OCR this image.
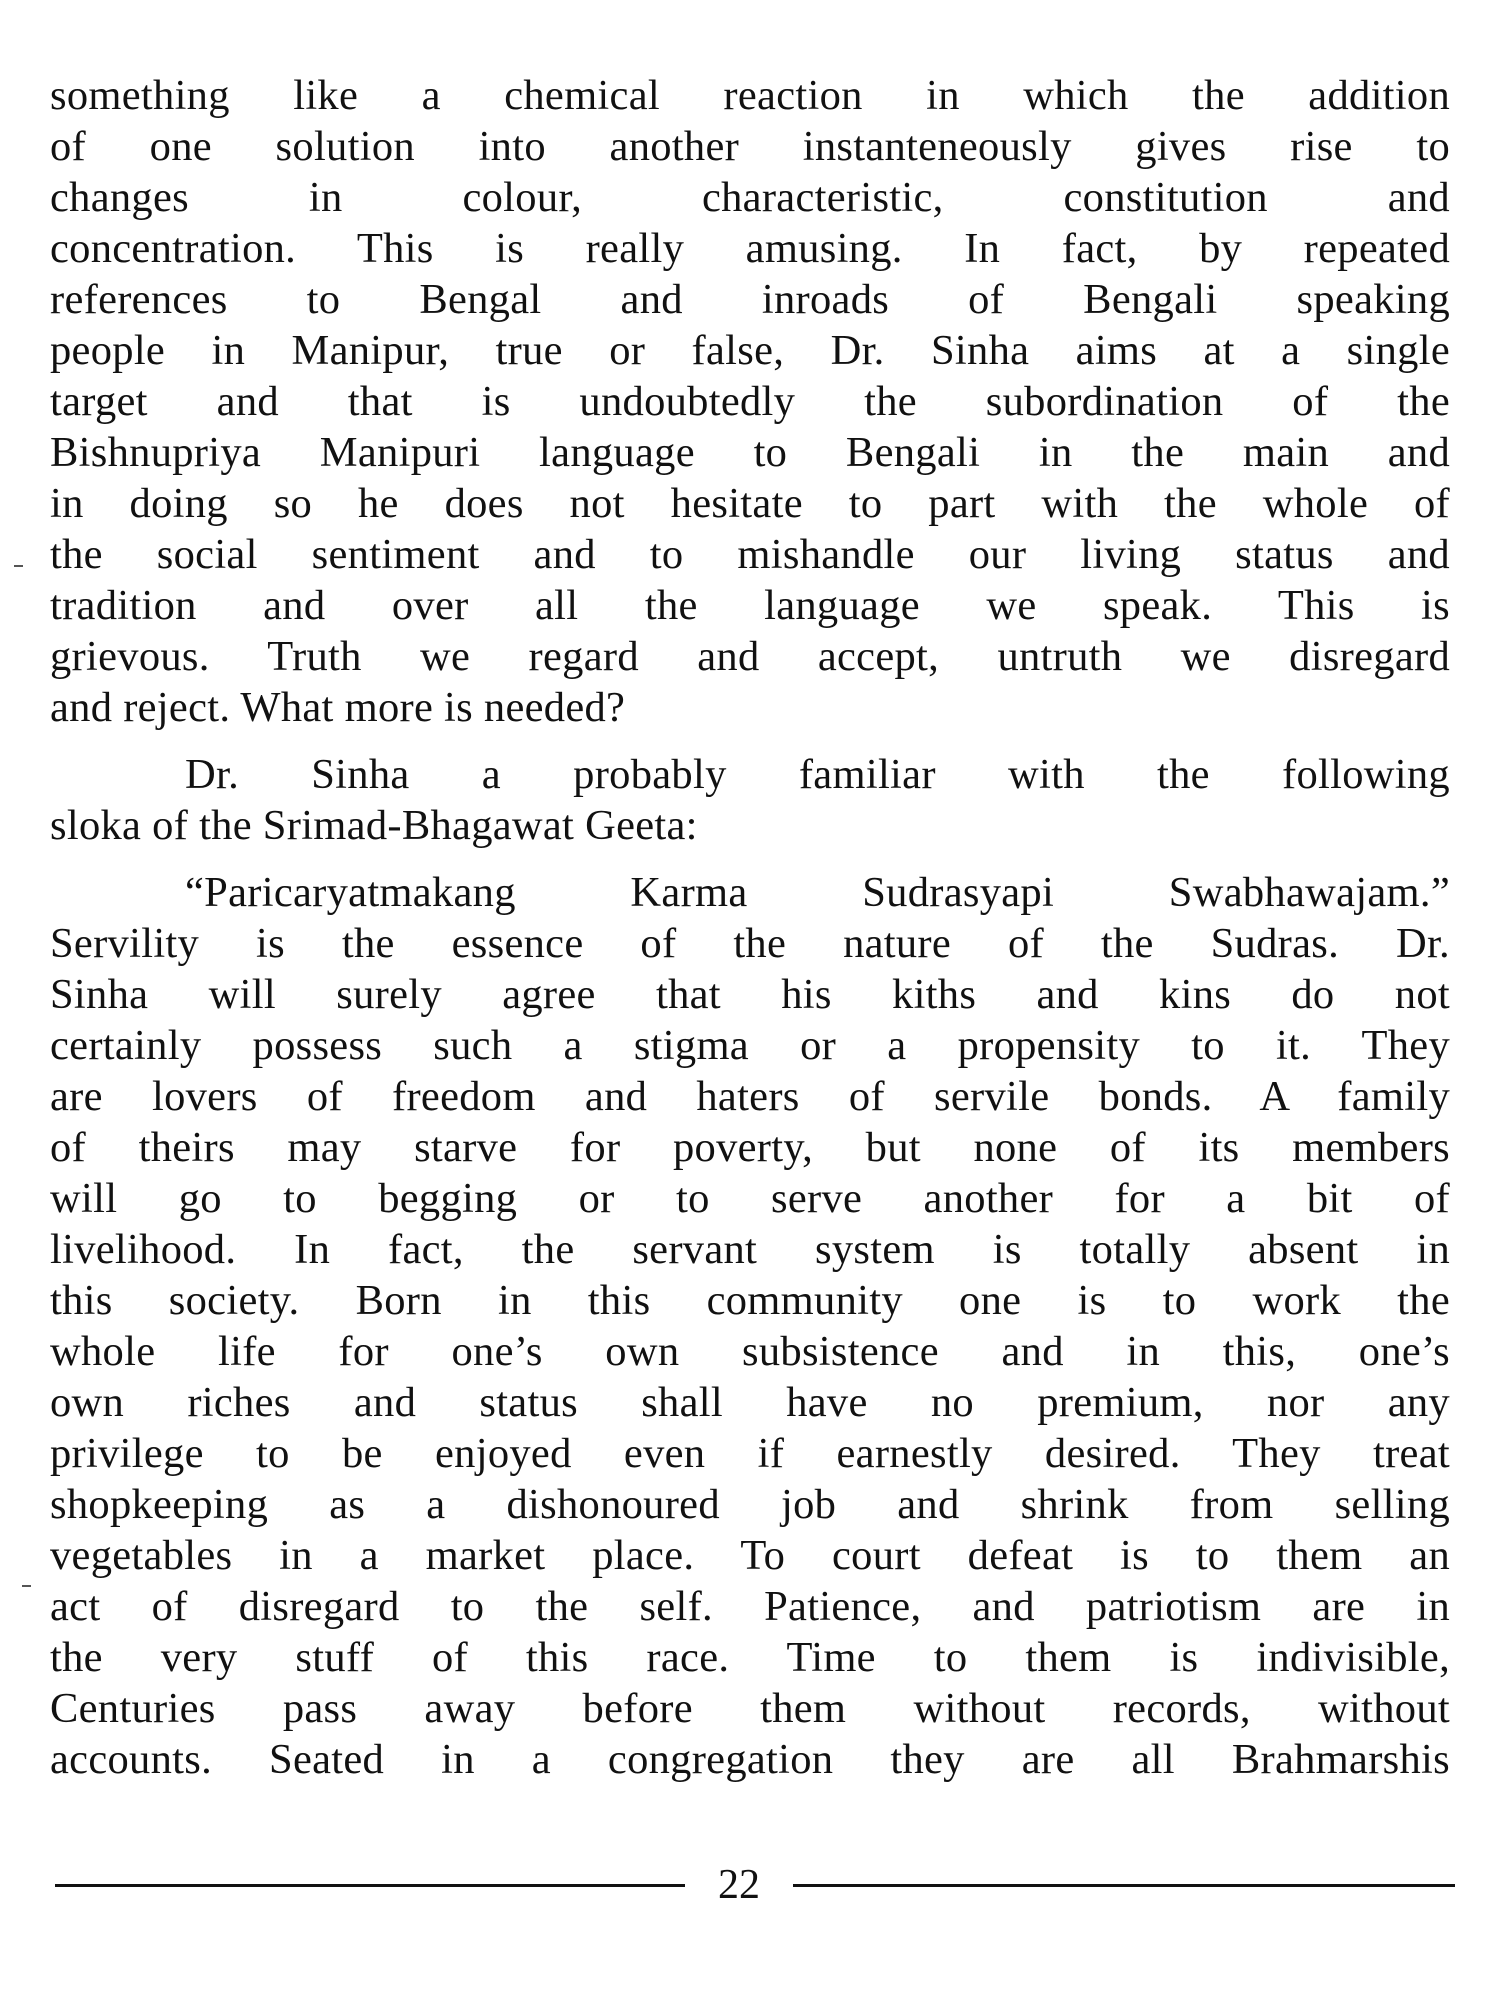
something like a chemical reaction in which the addition
of one solution into another instanteneously gives rise to
changes in colour, characteristic, constitution and
concentration. This is really amusing. In fact, by repeated
references to Bengal and inroads of Bengali speaking
people in Manipur, true or false, Dr. Sinha aims at a single
target and that is undoubtedly the subordination of the
Bishnupriya Manipuri language to Bengali in the main and
in doing so he does not hesitate to part with the whole of
the social sentiment and to mishandle our living status and
tradition and over all the language we speak. This is
grievous. Truth we regard and accept, untruth we disregard
and reject. What more is needed?
Dr. Sinha a probably familiar with the following
sloka of the Srimad-Bhagawat Geeta:
“Paricaryatmakang Karma Sudrasyapi Swabhawajam.”
Servility is the essence of the nature of the Sudras. Dr.
Sinha will surely agree that his kiths and kins do not
certainly possess such a stigma or a propensity to it. They
are lovers of freedom and haters of servile bonds. A family
of theirs may starve for poverty, but none of its members
will go to begging or to serve another for a bit of
livelihood. In fact, the servant system is totally absent in
this society. Born in this community one is to work the
whole life for one’s own subsistence and in this, one’s
own riches and status shall have no premium, nor any
privilege to be enjoyed even if earnestly desired. They treat
shopkeeping as a dishonoured job and shrink from selling
vegetables in a market place. To court defeat is to them an
act of disregard to the self. Patience, and patriotism are in
the very stuff of this race. Time to them is indivisible,
Centuries pass away before them without records, without
accounts. Seated in a congregation they are all Brahmarshis
22
